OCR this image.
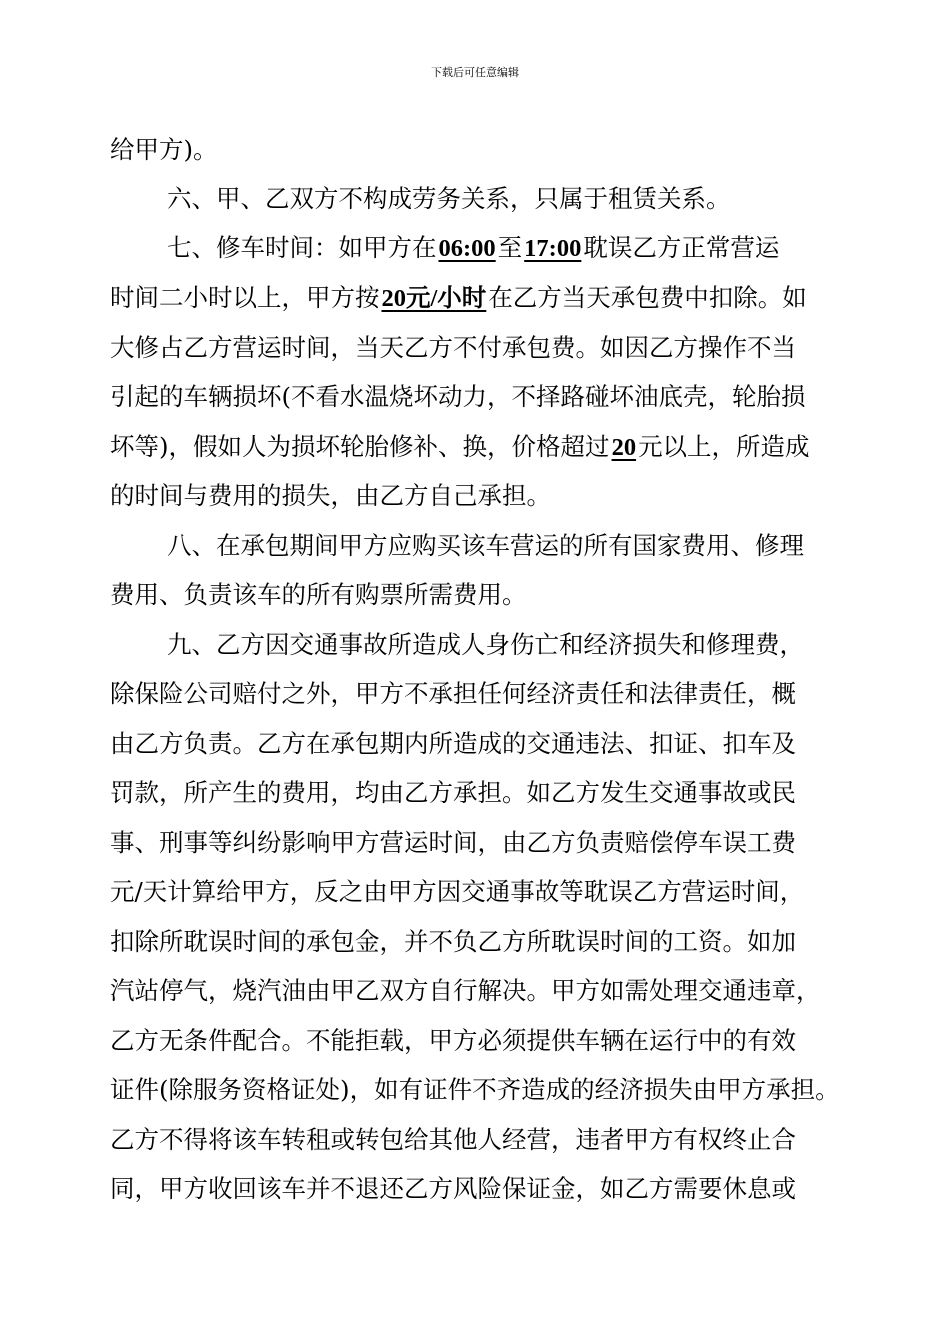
下载后可任意编辑
给甲方)。
六、甲、乙双方不构成劳务关系，只属于租赁关系。
七、修车时间：如甲方在06:00至17:00耽误乙方正常营运
时间二小时以上，甲方按20元/小时在乙方当天承包费中扣除。如
大修占乙方营运时间，当天乙方不付承包费。如因乙方操作不当
引起的车辆损坏(不看水温烧坏动力，不择路碰坏油底壳，轮胎损
坏等)，假如人为损坏轮胎修补、换，价格超过20元以上，所造成
的时间与费用的损失，由乙方自己承担。
八、在承包期间甲方应购买该车营运的所有国家费用、修理
费用、负责该车的所有购票所需费用。
九、乙方因交通事故所造成人身伤亡和经济损失和修理费，
除保险公司赔付之外，甲方不承担任何经济责任和法律责任，概
由乙方负责。乙方在承包期内所造成的交通违法、扣证、扣车及
罚款，所产生的费用，均由乙方承担。如乙方发生交通事故或民
事、刑事等纠纷影响甲方营运时间，由乙方负责赔偿停车误工费
元/天计算给甲方，反之由甲方因交通事故等耽误乙方营运时间，
扣除所耽误时间的承包金，并不负乙方所耽误时间的工资。如加
汽站停气，烧汽油由甲乙双方自行解决。甲方如需处理交通违章，
乙方无条件配合。不能拒载，甲方必须提供车辆在运行中的有效
证件(除服务资格证处)，如有证件不齐造成的经济损失由甲方承担。
乙方不得将该车转租或转包给其他人经营，违者甲方有权终止合
同，甲方收回该车并不退还乙方风险保证金，如乙方需要休息或
